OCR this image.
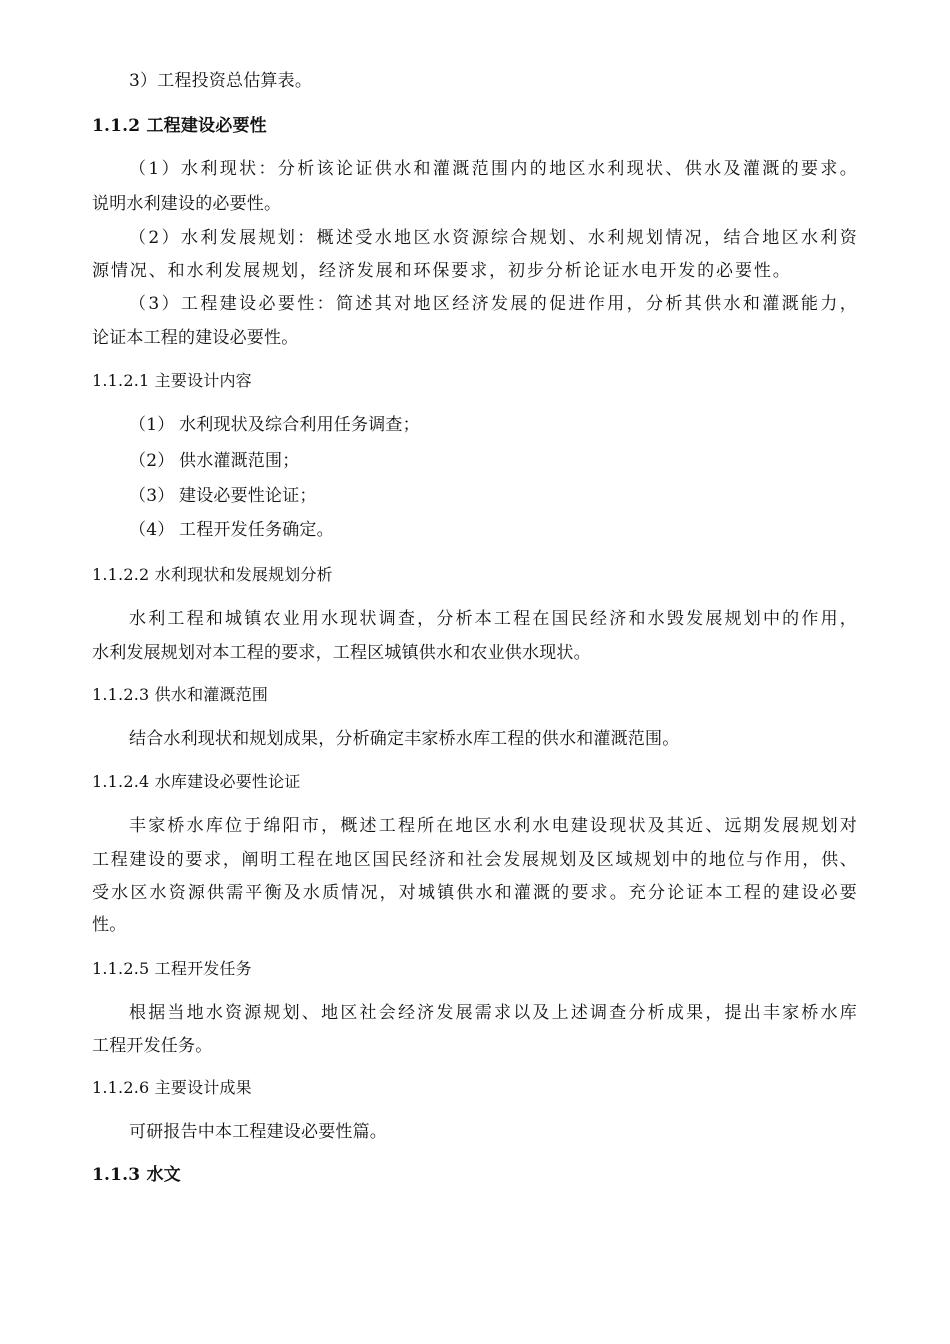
3）工程投资总估算表。
1.1.2 工程建设必要性
（1）水利现状：分析该论证供水和灌溉范围内的地区水利现状、供水及灌溉的要求。
说明水利建设的必要性。
（2）水利发展规划：概述受水地区水资源综合规划、水利规划情况，结合地区水利资
源情况、和水利发展规划，经济发展和环保要求，初步分析论证水电开发的必要性。
（3）工程建设必要性：简述其对地区经济发展的促进作用，分析其供水和灌溉能力，
论证本工程的建设必要性。
1.1.2.1 主要设计内容
（1） 水利现状及综合利用任务调查；
（2） 供水灌溉范围；
（3） 建设必要性论证；
（4） 工程开发任务确定。
1.1.2.2 水利现状和发展规划分析
水利工程和城镇农业用水现状调查，分析本工程在国民经济和水毁发展规划中的作用，
水利发展规划对本工程的要求，工程区城镇供水和农业供水现状。
1.1.2.3 供水和灌溉范围
结合水利现状和规划成果，分析确定丰家桥水库工程的供水和灌溉范围。
1.1.2.4 水库建设必要性论证
丰家桥水库位于绵阳市，概述工程所在地区水利水电建设现状及其近、远期发展规划对
工程建设的要求，阐明工程在地区国民经济和社会发展规划及区域规划中的地位与作用，供、
受水区水资源供需平衡及水质情况，对城镇供水和灌溉的要求。充分论证本工程的建设必要
性。
1.1.2.5 工程开发任务
根据当地水资源规划、地区社会经济发展需求以及上述调查分析成果，提出丰家桥水库
工程开发任务。
1.1.2.6 主要设计成果
可研报告中本工程建设必要性篇。
1.1.3 水文
